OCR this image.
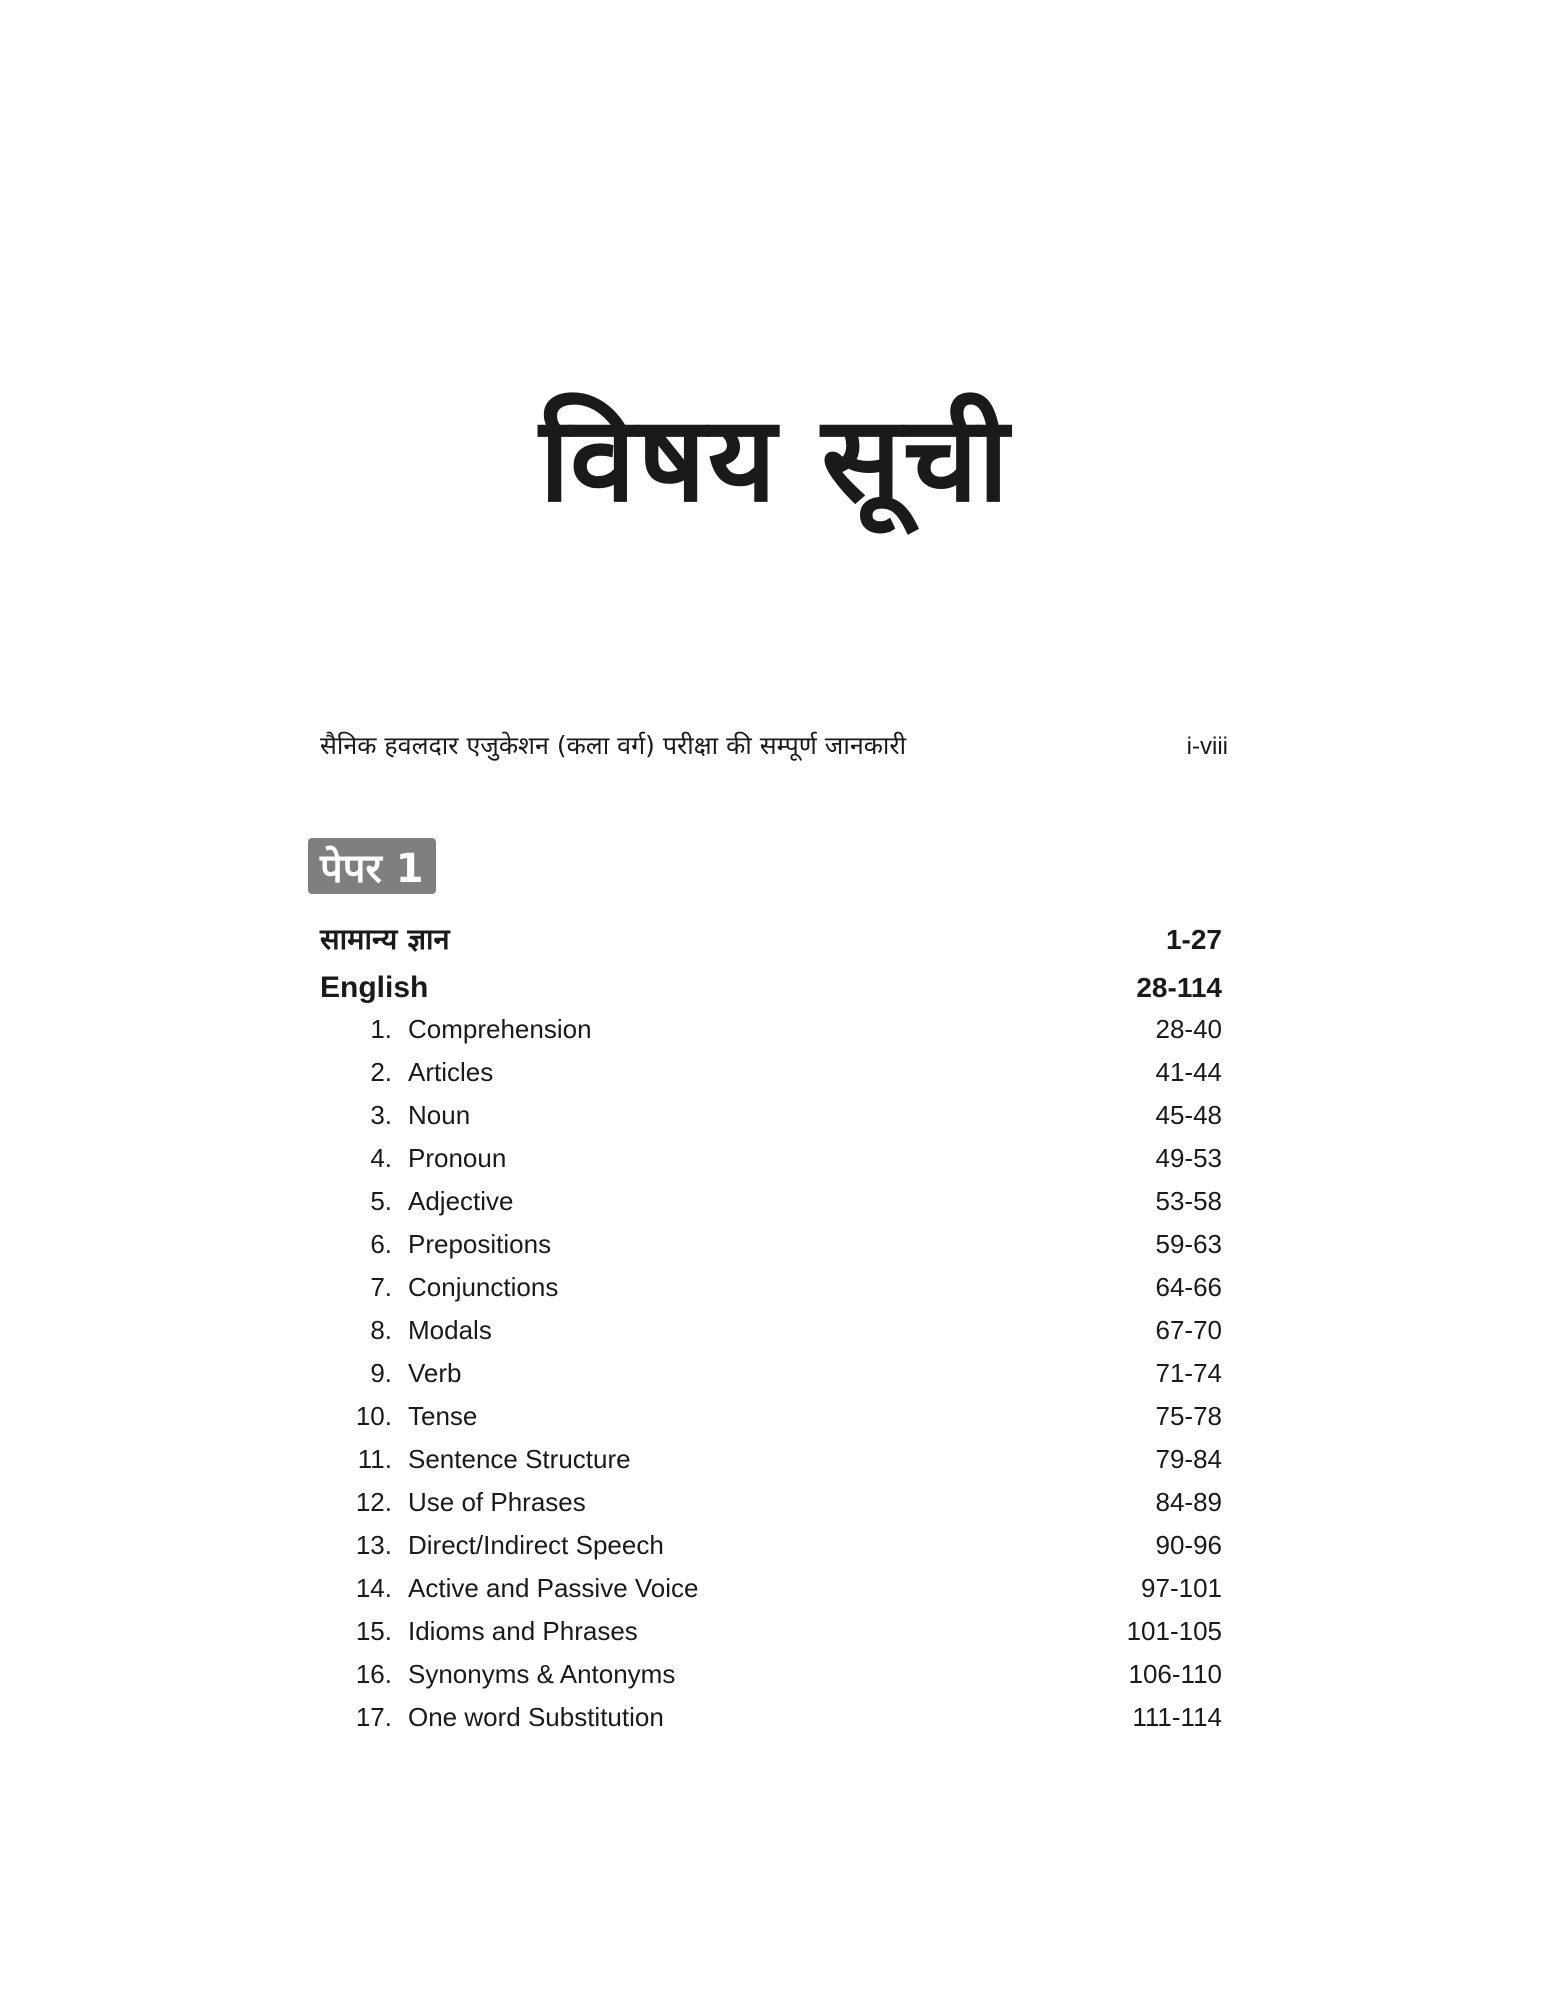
विषय सूची
सैनिक हवलदार एजुकेशन (कला वर्ग) परीक्षा की सम्पूर्ण जानकारी	i-viii
पेपर 1
सामान्य ज्ञान	1-27
English	28-114
1. Comprehension	28-40
2. Articles	41-44
3. Noun	45-48
4. Pronoun	49-53
5. Adjective	53-58
6. Prepositions	59-63
7. Conjunctions	64-66
8. Modals	67-70
9. Verb	71-74
10. Tense	75-78
11. Sentence Structure	79-84
12. Use of Phrases	84-89
13. Direct/Indirect Speech	90-96
14. Active and Passive Voice	97-101
15. Idioms and Phrases	101-105
16. Synonyms & Antonyms	106-110
17. One word Substitution	111-114
